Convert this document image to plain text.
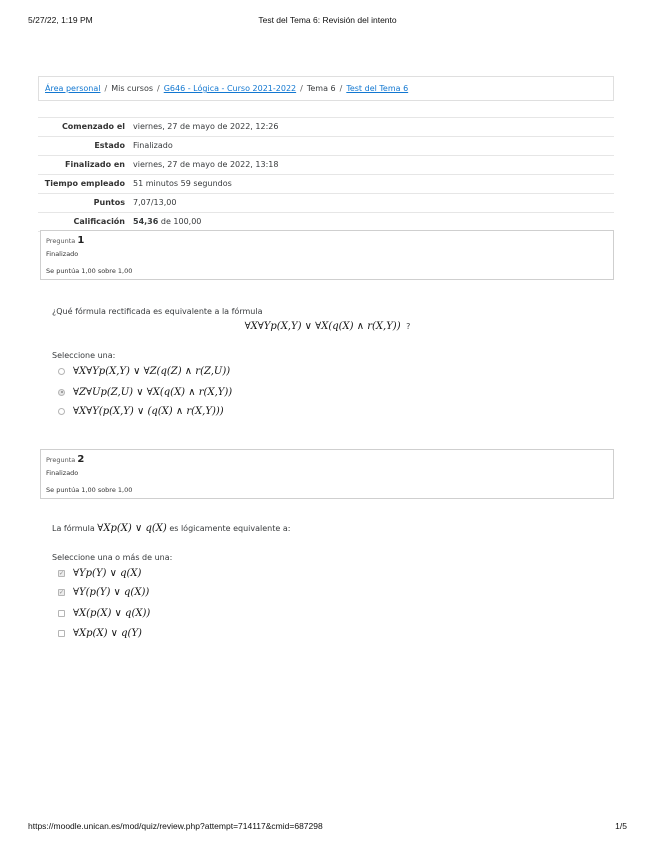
5/27/22, 1:19 PM	Test del Tema 6: Revisión del intento
Área personal / Mis cursos / G646 - Lógica - Curso 2021-2022 / Tema 6 / Test del Tema 6
Comenzado el	viernes, 27 de mayo de 2022, 12:26
Estado	Finalizado
Finalizado en	viernes, 27 de mayo de 2022, 13:18
Tiempo empleado	51 minutos 59 segundos
Puntos	7,07/13,00
Calificación	54,36 de 100,00
Pregunta 1
Finalizado
Se puntúa 1,00 sobre 1,00
¿Qué fórmula rectificada es equivalente a la fórmula
∀X∀Yp(X,Y) ∨ ∀X(q(X) ∧ r(X,Y)) ?
Seleccione una:
∀X∀Yp(X,Y) ∨ ∀Z(q(Z) ∧ r(Z,U))
∀Z∀Up(Z,U) ∨ ∀X(q(X) ∧ r(X,Y))
∀X∀Y(p(X,Y) ∨ (q(X) ∧ r(X,Y)))
Pregunta 2
Finalizado
Se puntúa 1,00 sobre 1,00
La fórmula ∀Xp(X) ∨ q(X) es lógicamente equivalente a:
Seleccione una o más de una:
✓ ∀Yp(Y) ∨ q(X)
✓ ∀Y(p(Y) ∨ q(X))
∀X(p(X) ∨ q(X))
∀Xp(X) ∨ q(Y)
https://moodle.unican.es/mod/quiz/review.php?attempt=714117&cmid=687298	1/5
